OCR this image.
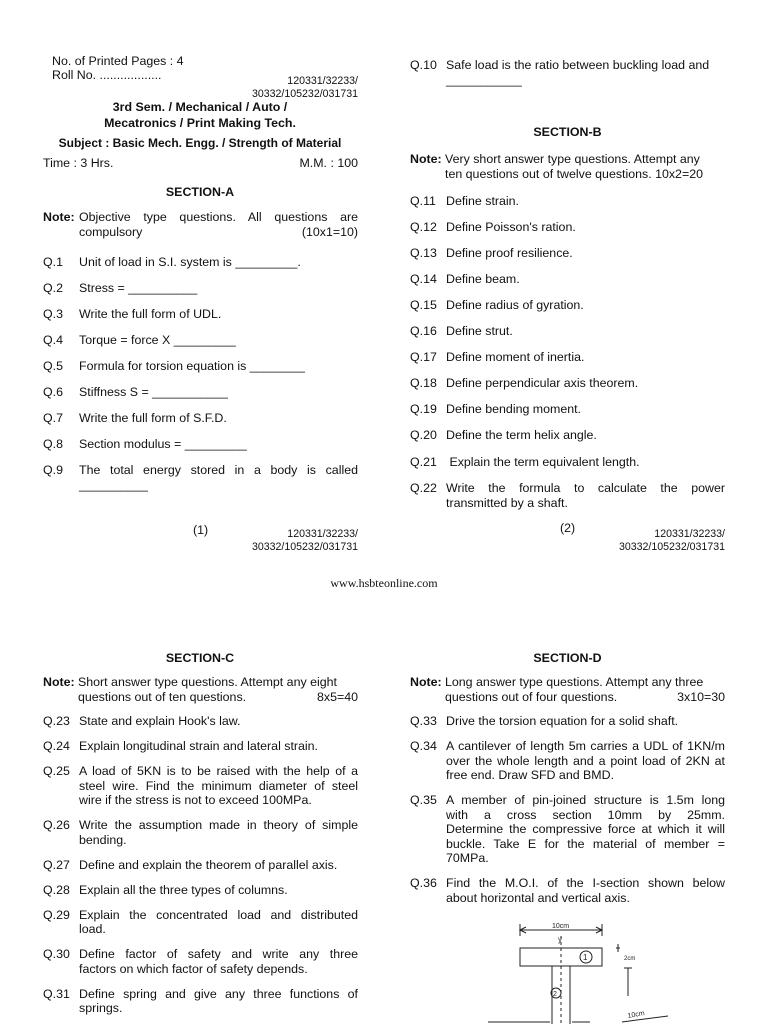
No. of Printed Pages : 4
Roll No. ..................	120331/32233/
30332/105232/031731
3rd Sem. / Mechanical / Auto /
Mecatronics / Print Making Tech.
Subject : Basic Mech. Engg. / Strength of Material
Time : 3 Hrs.	M.M. : 100
SECTION-A
Note: Objective type questions. All questions are
compulsory	(10x1=10)
Q.1 Unit of load in S.I. system is _________.
Q.2 Stress = __________
Q.3 Write the full form of UDL.
Q.4 Torque = force X _________
Q.5 Formula for torsion equation is ________
Q.6 Stiffness S = ___________
Q.7 Write the full form of S.F.D.
Q.8 Section modulus = _________
Q.9 The total energy stored in a body is called
__________
(1)	120331/32233/
30332/105232/031731
Q.10 Safe load is the ratio between buckling load and
___________
SECTION-B
Note: Very short answer type questions. Attempt any
ten questions out of twelve questions. 10x2=20
Q.11 Define strain.
Q.12 Define Poisson's ration.
Q.13 Define proof resilience.
Q.14 Define beam.
Q.15 Define radius of gyration.
Q.16 Define strut.
Q.17 Define moment of inertia.
Q.18 Define perpendicular axis theorem.
Q.19 Define bending moment.
Q.20 Define the term helix angle.
Q.21 Explain the term equivalent length.
Q.22 Write the formula to calculate the power
transmitted by a shaft.
(2)	120331/32233/
30332/105232/031731
www.hsbteonline.com
SECTION-C
Note: Short answer type questions. Attempt any eight
questions out of ten questions.	8x5=40
Q.23 State and explain Hook's law.
Q.24 Explain longitudinal strain and lateral strain.
Q.25 A load of 5KN is to be raised with the help of a
steel wire. Find the minimum diameter of steel
wire if the stress is not to exceed 100MPa.
Q.26 Write the assumption made in theory of simple
bending.
Q.27 Define and explain the theorem of parallel axis.
Q.28 Explain all the three types of columns.
Q.29 Explain the concentrated load and distributed
load.
Q.30 Define factor of safety and write any three
factors on which factor of safety depends.
Q.31 Define spring and give any three functions of
springs.
SECTION-D
Note: Long answer type questions. Attempt any three
questions out of four questions.	3x10=30
Q.33 Drive the torsion equation for a solid shaft.
Q.34 A cantilever of length 5m carries a UDL of 1KN/m
over the whole length and a point load of 2KN at
free end. Draw SFD and BMD.
Q.35 A member of pin-joined structure is 1.5m long
with a cross section 10mm by 25mm.
Determine the compressive force at which it will
buckle. Take E for the material of member =
70MPa.
Q.36 Find the M.O.I. of the I-section shown below
about horizontal and vertical axis.
10cm
y
1
2
2cm
10cm
